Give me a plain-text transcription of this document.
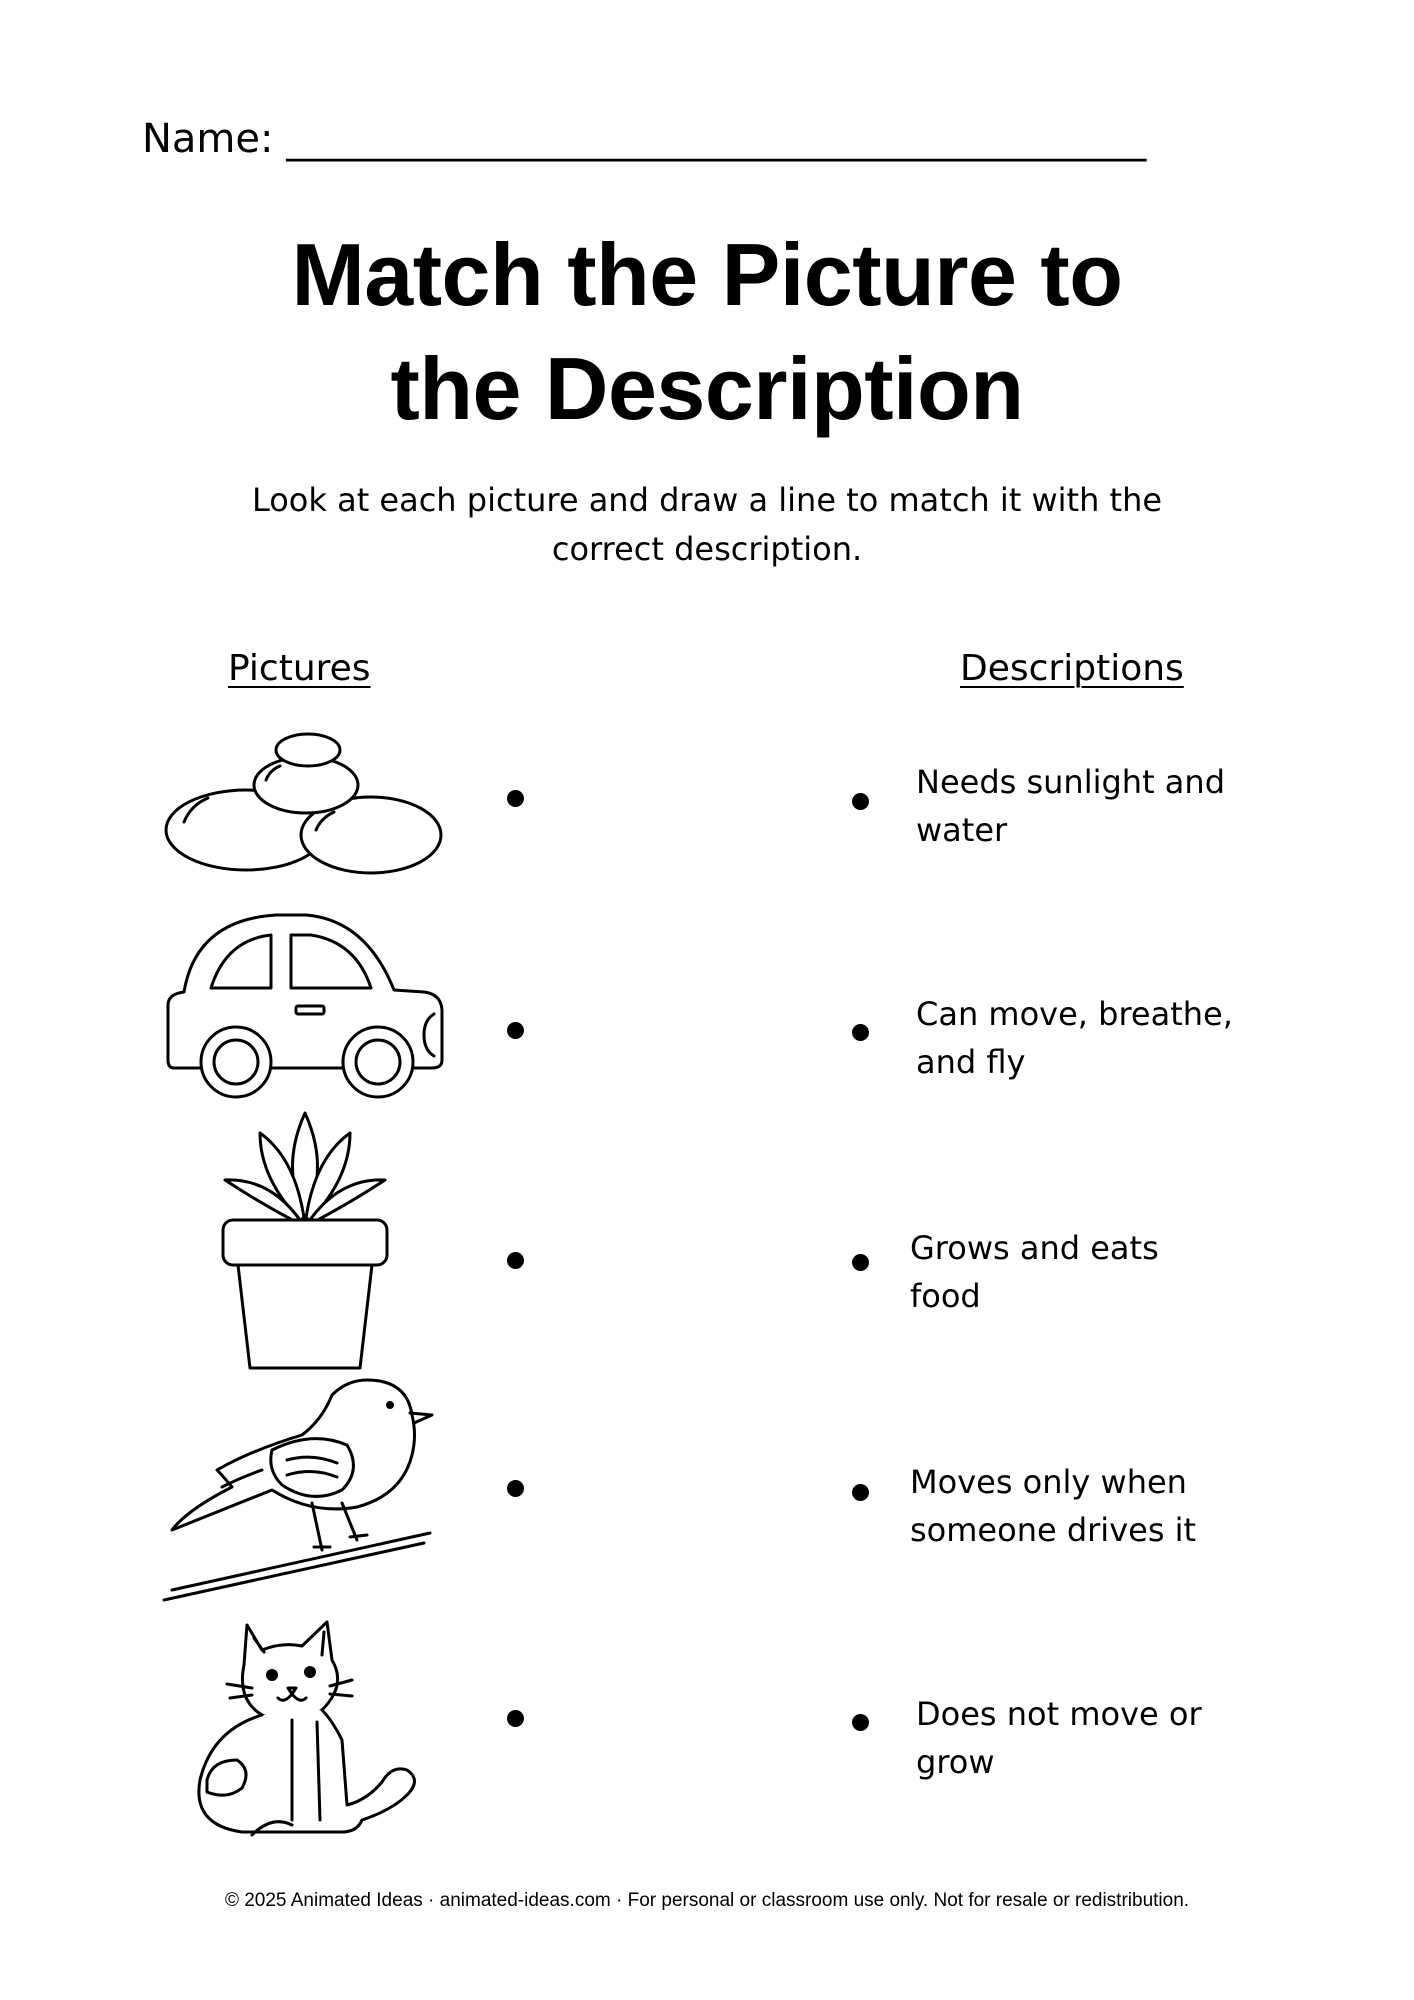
Name: ___________________________________________
Match the Picture to
the Description
Look at each picture and draw a line to match it with the correct description.
Pictures	Descriptions
Needs sunlight and
water
Can move, breathe,
and fly
Grows and eats
food
Moves only when
someone drives it
Does not move or
grow
© 2025 Animated Ideas · animated-ideas.com · For personal or classroom use only. Not for resale or redistribution.
